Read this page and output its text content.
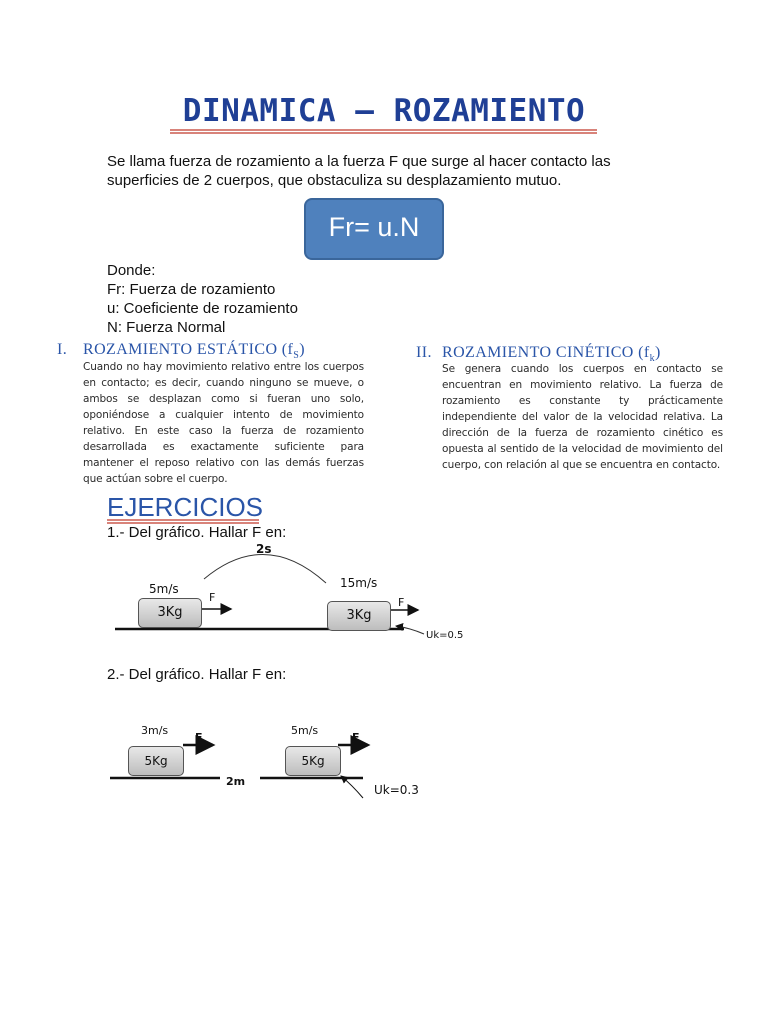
DINAMICA – ROZAMIENTO
Se llama fuerza de rozamiento a la fuerza F que surge al hacer contacto las superficies de 2 cuerpos, que obstaculiza su desplazamiento mutuo.
Fr= u.N
Donde:
Fr: Fuerza de rozamiento
u: Coeficiente de rozamiento
N: Fuerza Normal
I. ROZAMIENTO ESTÁTICO $(f_S)$
Cuando no hay movimiento relativo entre los cuerpos en contacto; es decir, cuando ninguno se mueve, o ambos se desplazan como si fueran uno solo, oponiéndose a cualquier intento de movimiento relativo. En este caso la fuerza de rozamiento desarrollada es exactamente suficiente para mantener el reposo relativo con las demás fuerzas que actúan sobre el cuerpo.
II. ROZAMIENTO CINÉTICO $(f_k)$
Se genera cuando los cuerpos en contacto se encuentran en movimiento relativo. La fuerza de rozamiento es constante ty prácticamente independiente del valor de la velocidad relativa. La dirección de la fuerza de rozamiento cinético es opuesta al sentido de la velocidad de movimiento del cuerpo, con relación al que se encuentra en contacto.
EJERCICIOS
1.- Del gráfico. Hallar F en:
2s
5m/s	15m/s
3Kg	3Kg
F	F
Uk=0.5
2.- Del gráfico. Hallar F en:
3m/s	5m/s
F	F
5Kg	5Kg
2m
Uk=0.3
